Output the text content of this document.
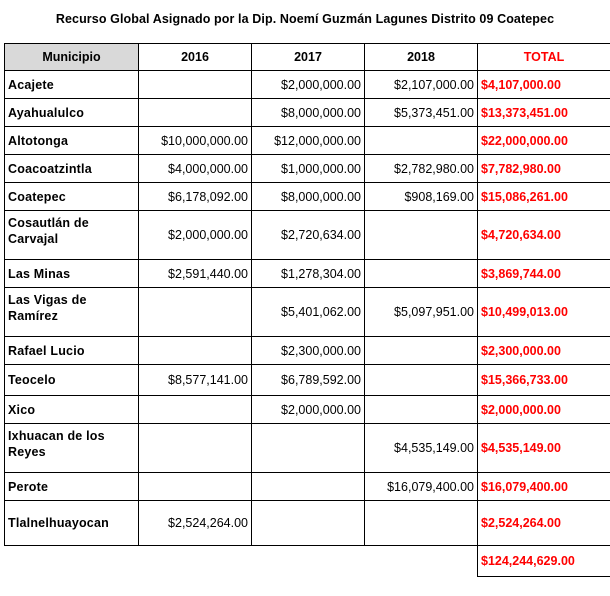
Recurso Global Asignado por la Dip. Noemí Guzmán Lagunes Distrito 09 Coatepec
Municipio	2016	2017	2018	TOTAL
Acajete		$2,000,000.00	$2,107,000.00	$4,107,000.00
Ayahualulco		$8,000,000.00	$5,373,451.00	$13,373,451.00
Altotonga	$10,000,000.00	$12,000,000.00		$22,000,000.00
Coacoatzintla	$4,000,000.00	$1,000,000.00	$2,782,980.00	$7,782,980.00
Coatepec	$6,178,092.00	$8,000,000.00	$908,169.00	$15,086,261.00
Cosautlán de Carvajal	$2,000,000.00	$2,720,634.00		$4,720,634.00
Las Minas	$2,591,440.00	$1,278,304.00		$3,869,744.00
Las Vigas de Ramírez		$5,401,062.00	$5,097,951.00	$10,499,013.00
Rafael Lucio		$2,300,000.00		$2,300,000.00
Teocelo	$8,577,141.00	$6,789,592.00		$15,366,733.00
Xico		$2,000,000.00		$2,000,000.00
Ixhuacan de los Reyes			$4,535,149.00	$4,535,149.00
Perote			$16,079,400.00	$16,079,400.00
Tlalnelhuayocan	$2,524,264.00			$2,524,264.00
				$124,244,629.00
